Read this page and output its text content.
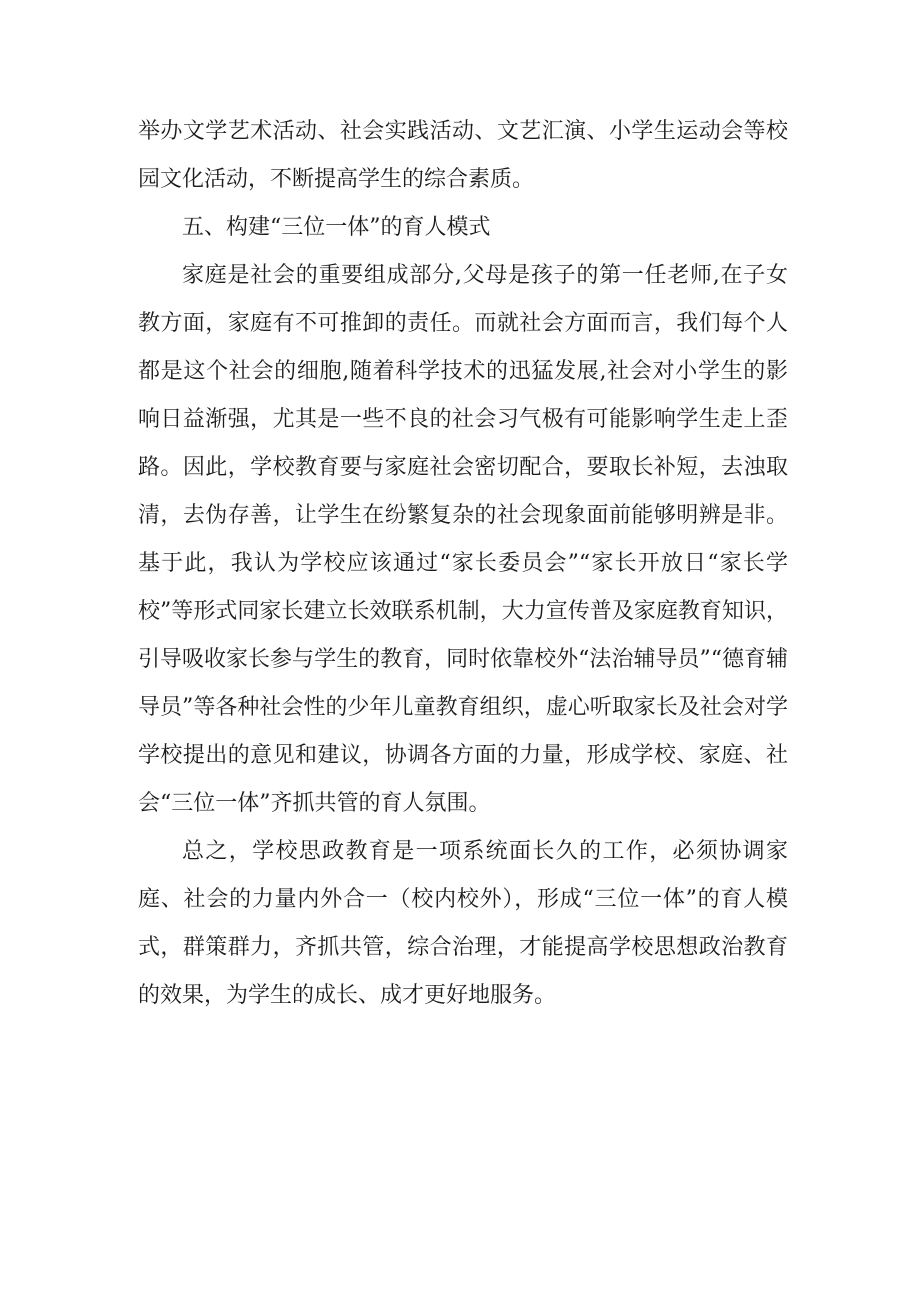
举办文学艺术活动、社会实践活动、文艺汇演、小学生运动会等校园文化活动，不断提高学生的综合素质。

五、构建“三位一体”的育人模式

家庭是社会的重要组成部分,父母是孩子的第一任老师,在子女教方面，家庭有不可推卸的责任。而就社会方面而言，我们每个人都是这个社会的细胞,随着科学技术的迅猛发展,社会对小学生的影响日益渐强，尤其是一些不良的社会习气极有可能影响学生走上歪路。因此，学校教育要与家庭社会密切配合，要取长补短，去浊取清，去伪存善，让学生在纷繁复杂的社会现象面前能够明辨是非。基于此，我认为学校应该通过“家长委员会”“家长开放日“家长学校”等形式同家长建立长效联系机制，大力宣传普及家庭教育知识，引导吸收家长参与学生的教育，同时依靠校外“法治辅导员”“德育辅导员”等各种社会性的少年儿童教育组织，虚心听取家长及社会对学学校提出的意见和建议，协调各方面的力量，形成学校、家庭、社会“三位一体”齐抓共管的育人氛围。

总之，学校思政教育是一项系统面长久的工作，必须协调家庭、社会的力量内外合一（校内校外），形成“三位一体”的育人模式，群策群力，齐抓共管，综合治理，才能提高学校思想政治教育的效果，为学生的成长、成才更好地服务。
